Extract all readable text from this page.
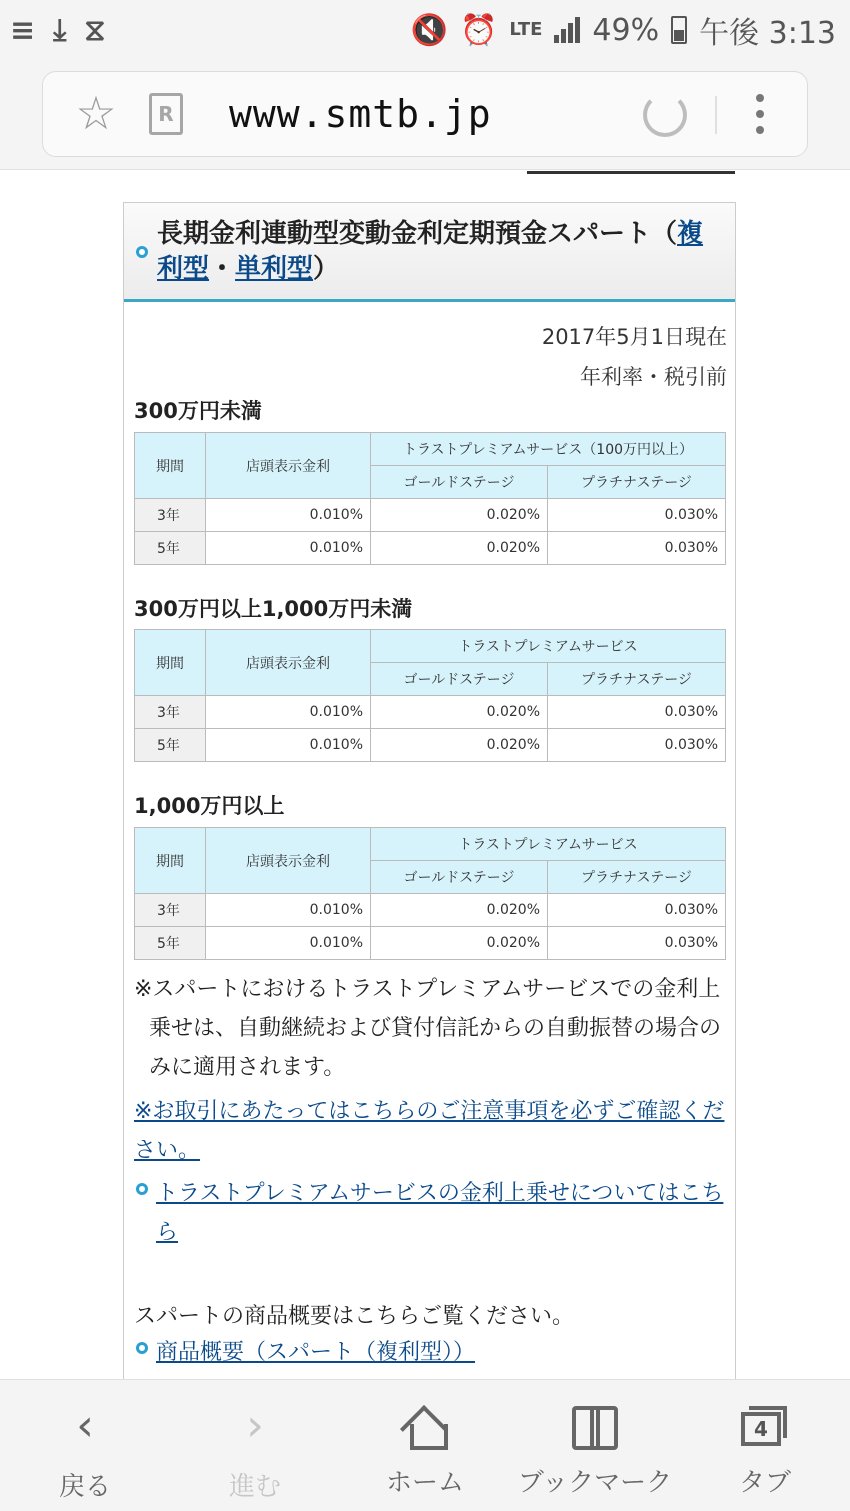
≡ ⤓ ⧖	🔇 ⏰ LTE 49% 午後 3:13
☆	R www.smtb.jp
長期金利連動型変動金利定期預金スパート（複利型・単利型）
2017年5月1日現在
年利率・税引前
300万円未満
期間	店頭表示金利	トラストプレミアムサービス（100万円以上）	
		ゴールドステージ	プラチナステージ
3年	0.010%	0.020%	0.030%
5年	0.010%	0.020%	0.030%
300万円以上1,000万円未満
期間	店頭表示金利	トラストプレミアムサービス	
		ゴールドステージ	プラチナステージ
3年	0.010%	0.020%	0.030%
5年	0.010%	0.020%	0.030%
1,000万円以上
期間	店頭表示金利	トラストプレミアムサービス	
		ゴールドステージ	プラチナステージ
3年	0.010%	0.020%	0.030%
5年	0.010%	0.020%	0.030%
※スパートにおけるトラストプレミアムサービスでの金利上乗せは、自動継続および貸付信託からの自動振替の場合のみに適用されます。
※お取引にあたってはこちらのご注意事項を必ずご確認ください。
トラストプレミアムサービスの金利上乗せについてはこちら
スパートの商品概要はこちらご覧ください。
商品概要（スパート（複利型））
‹
戻る
›
進む	ホーム ブックマーク
4
タブ
